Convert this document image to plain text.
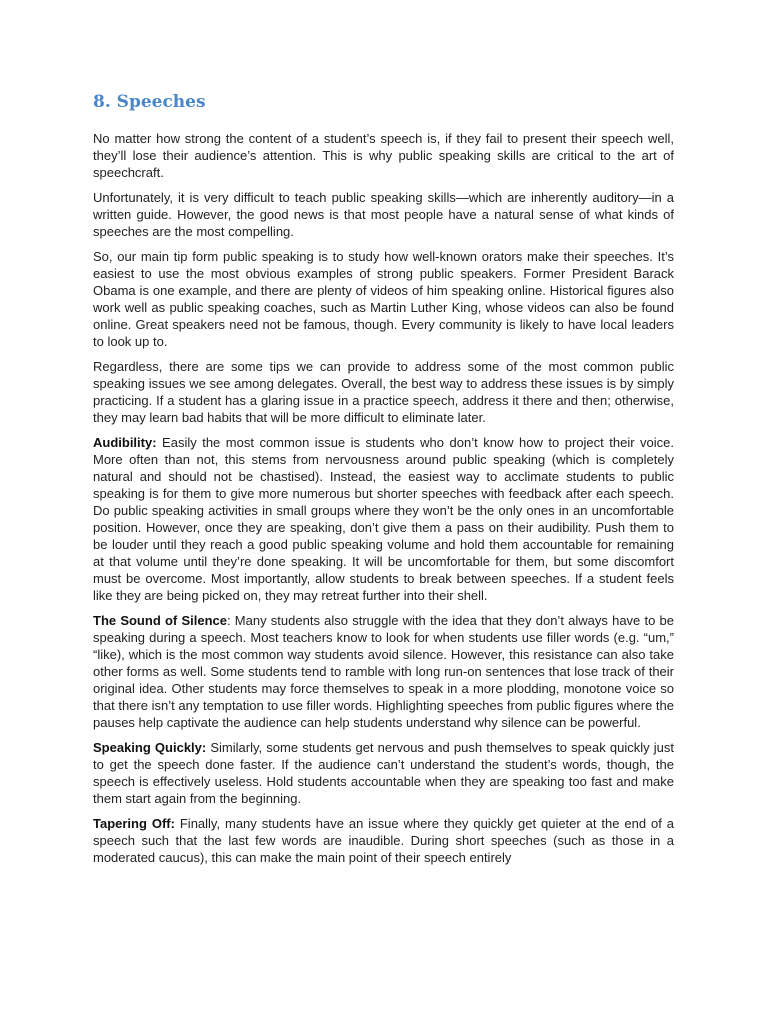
8. Speeches

No matter how strong the content of a student’s speech is, if they fail to present their speech well, they’ll lose their audience’s attention. This is why public speaking skills are critical to the art of speechcraft.

Unfortunately, it is very difficult to teach public speaking skills—which are inherently auditory—in a written guide. However, the good news is that most people have a natural sense of what kinds of speeches are the most compelling.

So, our main tip form public speaking is to study how well-known orators make their speeches. It’s easiest to use the most obvious examples of strong public speakers. Former President Barack Obama is one example, and there are plenty of videos of him speaking online. Historical figures also work well as public speaking coaches, such as Martin Luther King, whose videos can also be found online. Great speakers need not be famous, though. Every community is likely to have local leaders to look up to.

Regardless, there are some tips we can provide to address some of the most common public speaking issues we see among delegates. Overall, the best way to address these issues is by simply practicing. If a student has a glaring issue in a practice speech, address it there and then; otherwise, they may learn bad habits that will be more difficult to eliminate later.

Audibility: Easily the most common issue is students who don’t know how to project their voice. More often than not, this stems from nervousness around public speaking (which is completely natural and should not be chastised). Instead, the easiest way to acclimate students to public speaking is for them to give more numerous but shorter speeches with feedback after each speech. Do public speaking activities in small groups where they won’t be the only ones in an uncomfortable position. However, once they are speaking, don’t give them a pass on their audibility. Push them to be louder until they reach a good public speaking volume and hold them accountable for remaining at that volume until they’re done speaking. It will be uncomfortable for them, but some discomfort must be overcome. Most importantly, allow students to break between speeches. If a student feels like they are being picked on, they may retreat further into their shell.

The Sound of Silence: Many students also struggle with the idea that they don’t always have to be speaking during a speech. Most teachers know to look for when students use filler words (e.g. “um,” “like), which is the most common way students avoid silence. However, this resistance can also take other forms as well. Some students tend to ramble with long run-on sentences that lose track of their original idea. Other students may force themselves to speak in a more plodding, monotone voice so that there isn’t any temptation to use filler words. Highlighting speeches from public figures where the pauses help captivate the audience can help students understand why silence can be powerful.

Speaking Quickly: Similarly, some students get nervous and push themselves to speak quickly just to get the speech done faster. If the audience can’t understand the student’s words, though, the speech is effectively useless. Hold students accountable when they are speaking too fast and make them start again from the beginning.

Tapering Off: Finally, many students have an issue where they quickly get quieter at the end of a speech such that the last few words are inaudible. During short speeches (such as those in a moderated caucus), this can make the main point of their speech entirely
